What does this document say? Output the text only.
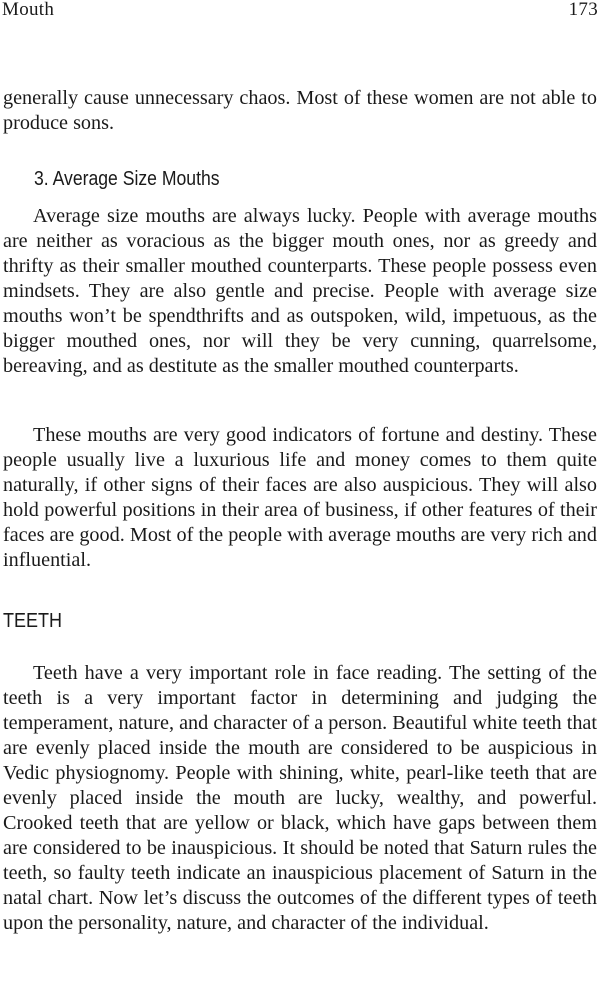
Mouth	173

generally cause unnecessary chaos. Most of these women are not able to produce sons.

3. Average Size Mouths

Average size mouths are always lucky. People with average mouths are neither as voracious as the bigger mouth ones, nor as greedy and thrifty as their smaller mouthed counterparts. These people possess even mindsets. They are also gentle and precise. People with average size mouths won’t be spendthrifts and as outspoken, wild, impetuous, as the bigger mouthed ones, nor will they be very cunning, quarrelsome, bereaving, and as destitute as the smaller mouthed counterparts.

These mouths are very good indicators of fortune and destiny. These people usually live a luxurious life and money comes to them quite naturally, if other signs of their faces are also auspicious. They will also hold powerful positions in their area of business, if other features of their faces are good. Most of the people with average mouths are very rich and influential.

TEETH

Teeth have a very important role in face reading. The setting of the teeth is a very important factor in determining and judging the temperament, nature, and character of a person. Beautiful white teeth that are evenly placed inside the mouth are considered to be auspicious in Vedic physiognomy. People with shining, white, pearl-like teeth that are evenly placed inside the mouth are lucky, wealthy, and powerful. Crooked teeth that are yellow or black, which have gaps between them are considered to be inauspicious. It should be noted that Saturn rules the teeth, so faulty teeth indicate an inauspicious placement of Saturn in the natal chart. Now let’s discuss the outcomes of the different types of teeth upon the personality, nature, and character of the individual.
